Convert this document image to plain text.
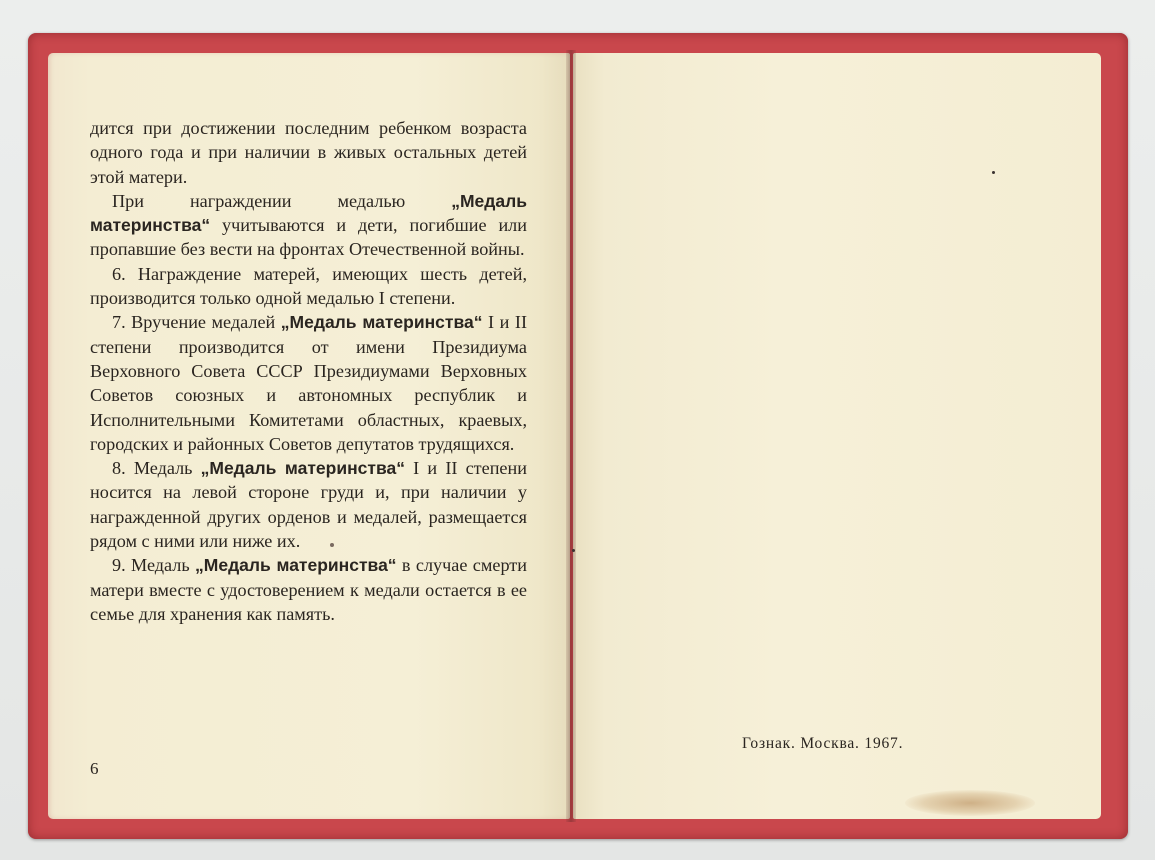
дится при достижении последним ребенком возраста одного года и при наличии в живых остальных детей этой матери.

При награждении медалью „Медаль материнства“ учитываются и дети, погибшие или пропавшие без вести на фронтах Отечественной войны.

6. Награждение матерей, имеющих шесть детей, производится только одной медалью I степени.

7. Вручение медалей „Медаль материнства“ I и II степени производится от имени Президиума Верховного Совета СССР Президиумами Верховных Советов союзных и автономных республик и Исполнительными Комитетами областных, краевых, городских и районных Советов депутатов трудящихся.

8. Медаль „Медаль материнства“ I и II степени носится на левой стороне груди и, при наличии у награжденной других орденов и медалей, размещается рядом с ними или ниже их.

9. Медаль „Медаль материнства“ в случае смерти матери вместе с удостоверением к медали остается в ее семье для хранения как память.

6
Гознак. Москва. 1967.
